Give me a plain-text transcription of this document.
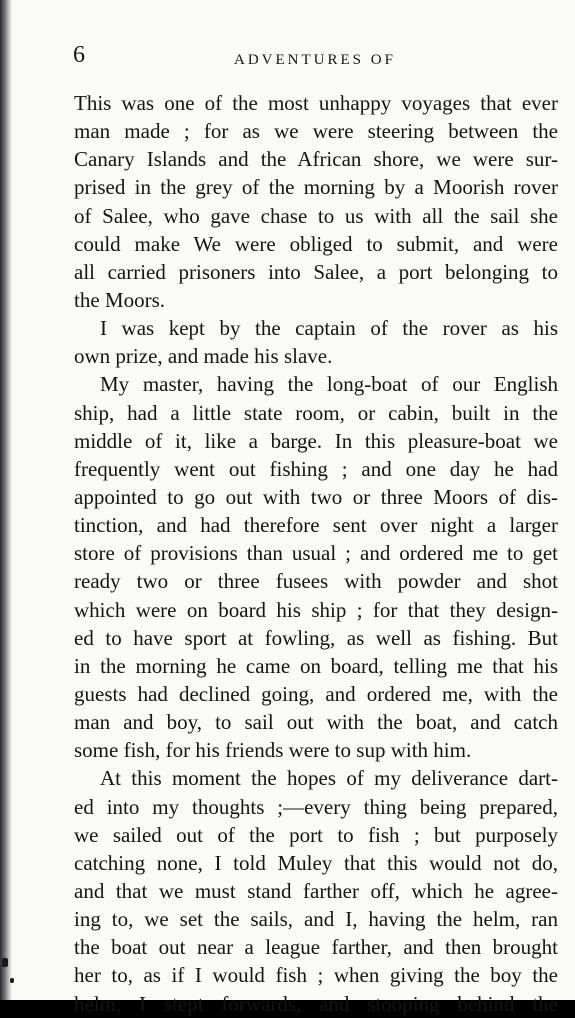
6	ADVENTURES OF
This was one of the most unhappy voyages that ever
man made ; for as we were steering between the
Canary Islands and the African shore, we were sur-
prised in the grey of the morning by a Moorish rover
of Salee, who gave chase to us with all the sail she
could make We were obliged to submit, and were
all carried prisoners into Salee, a port belonging to
the Moors.
I was kept by the captain of the rover as his
own prize, and made his slave.
My master, having the long-boat of our English
ship, had a little state room, or cabin, built in the
middle of it, like a barge. In this pleasure-boat we
frequently went out fishing ; and one day he had
appointed to go out with two or three Moors of dis-
tinction, and had therefore sent over night a larger
store of provisions than usual ; and ordered me to get
ready two or three fusees with powder and shot
which were on board his ship ; for that they design-
ed to have sport at fowling, as well as fishing. But
in the morning he came on board, telling me that his
guests had declined going, and ordered me, with the
man and boy, to sail out with the boat, and catch
some fish, for his friends were to sup with him.
At this moment the hopes of my deliverance dart-
ed into my thoughts ;—every thing being prepared,
we sailed out of the port to fish ; but purposely
catching none, I told Muley that this would not do,
and that we must stand farther off, which he agree-
ing to, we set the sails, and I, having the helm, ran
the boat out near a league farther, and then brought
her to, as if I would fish ; when giving the boy the
helm, I stept forwards, and stooping behind the
